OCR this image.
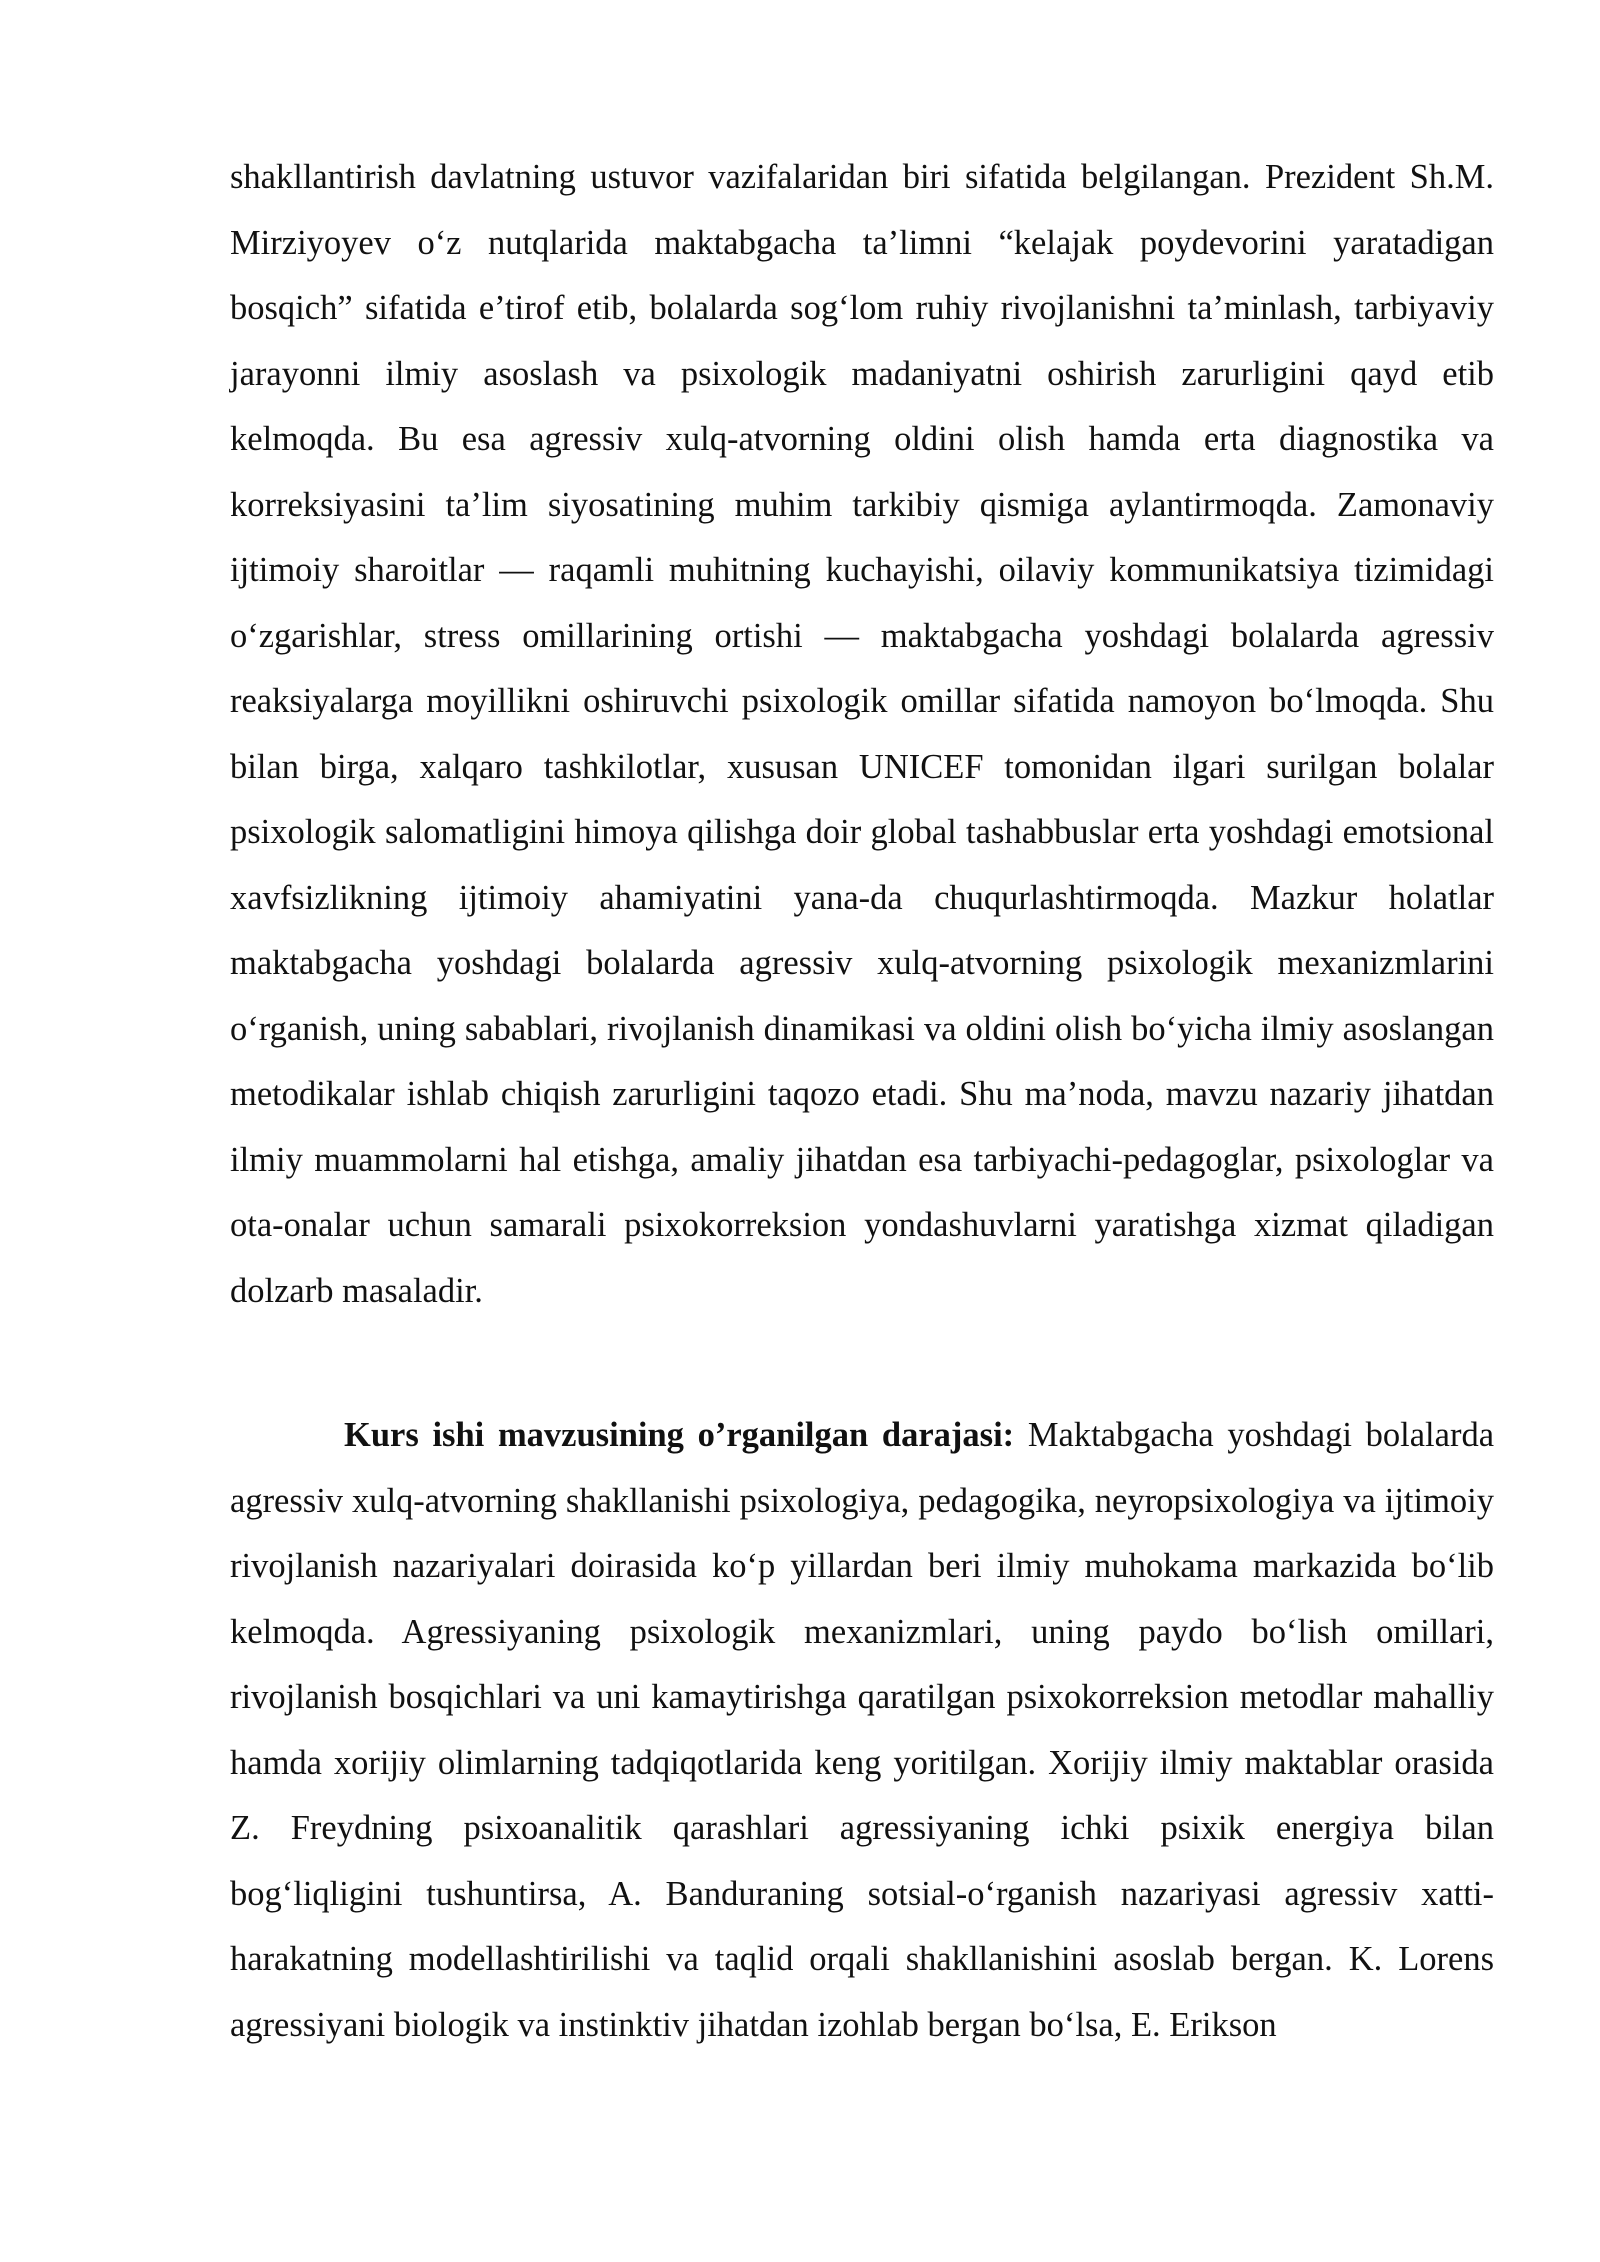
shakllantirish davlatning ustuvor vazifalaridan biri sifatida belgilangan. Prezident Sh.M. Mirziyoyev o‘z nutqlarida maktabgacha ta’limni “kelajak poydevorini yaratadigan bosqich” sifatida e’tirof etib, bolalarda sog‘lom ruhiy rivojlanishni ta’minlash, tarbiyaviy jarayonni ilmiy asoslash va psixologik madaniyatni oshirish zarurligini qayd etib kelmoqda. Bu esa agressiv xulq-atvorning oldini olish hamda erta diagnostika va korreksiyasini ta’lim siyosatining muhim tarkibiy qismiga aylantirmoqda. Zamonaviy ijtimoiy sharoitlar — raqamli muhitning kuchayishi, oilaviy kommunikatsiya tizimidagi o‘zgarishlar, stress omillarining ortishi — maktabgacha yoshdagi bolalarda agressiv reaksiyalarga moyillikni oshiruvchi psixologik omillar sifatida namoyon bo‘lmoqda. Shu bilan birga, xalqaro tashkilotlar, xususan UNICEF tomonidan ilgari surilgan bolalar psixologik salomatligini himoya qilishga doir global tashabbuslar erta yoshdagi emotsional xavfsizlikning ijtimoiy ahamiyatini yana-da chuqurlashtirmoqda. Mazkur holatlar maktabgacha yoshdagi bolalarda agressiv xulq-atvorning psixologik mexanizmlarini o‘rganish, uning sabablari, rivojlanish dinamikasi va oldini olish bo‘yicha ilmiy asoslangan metodikalar ishlab chiqish zarurligini taqozo etadi. Shu ma’noda, mavzu nazariy jihatdan ilmiy muammolarni hal etishga, amaliy jihatdan esa tarbiyachi-pedagoglar, psixologlar va ota-onalar uchun samarali psixokorreksion yondashuvlarni yaratishga xizmat qiladigan dolzarb masaladir.

Kurs ishi mavzusining o’rganilgan darajasi: Maktabgacha yoshdagi bolalarda agressiv xulq-atvorning shakllanishi psixologiya, pedagogika, neyropsixologiya va ijtimoiy rivojlanish nazariyalari doirasida ko‘p yillardan beri ilmiy muhokama markazida bo‘lib kelmoqda. Agressiyaning psixologik mexanizmlari, uning paydo bo‘lish omillari, rivojlanish bosqichlari va uni kamaytirishga qaratilgan psixokorreksion metodlar mahalliy hamda xorijiy olimlarning tadqiqotlarida keng yoritilgan. Xorijiy ilmiy maktablar orasida Z. Freydning psixoanalitik qarashlari agressiyaning ichki psixik energiya bilan bog‘liqligini tushuntirsa, A. Banduraning sotsial-o‘rganish nazariyasi agressiv xatti-harakatning modellashtirilishi va taqlid orqali shakllanishini asoslab bergan. K. Lorens agressiyani biologik va instinktiv jihatdan izohlab bergan bo‘lsa, E. Erikson
